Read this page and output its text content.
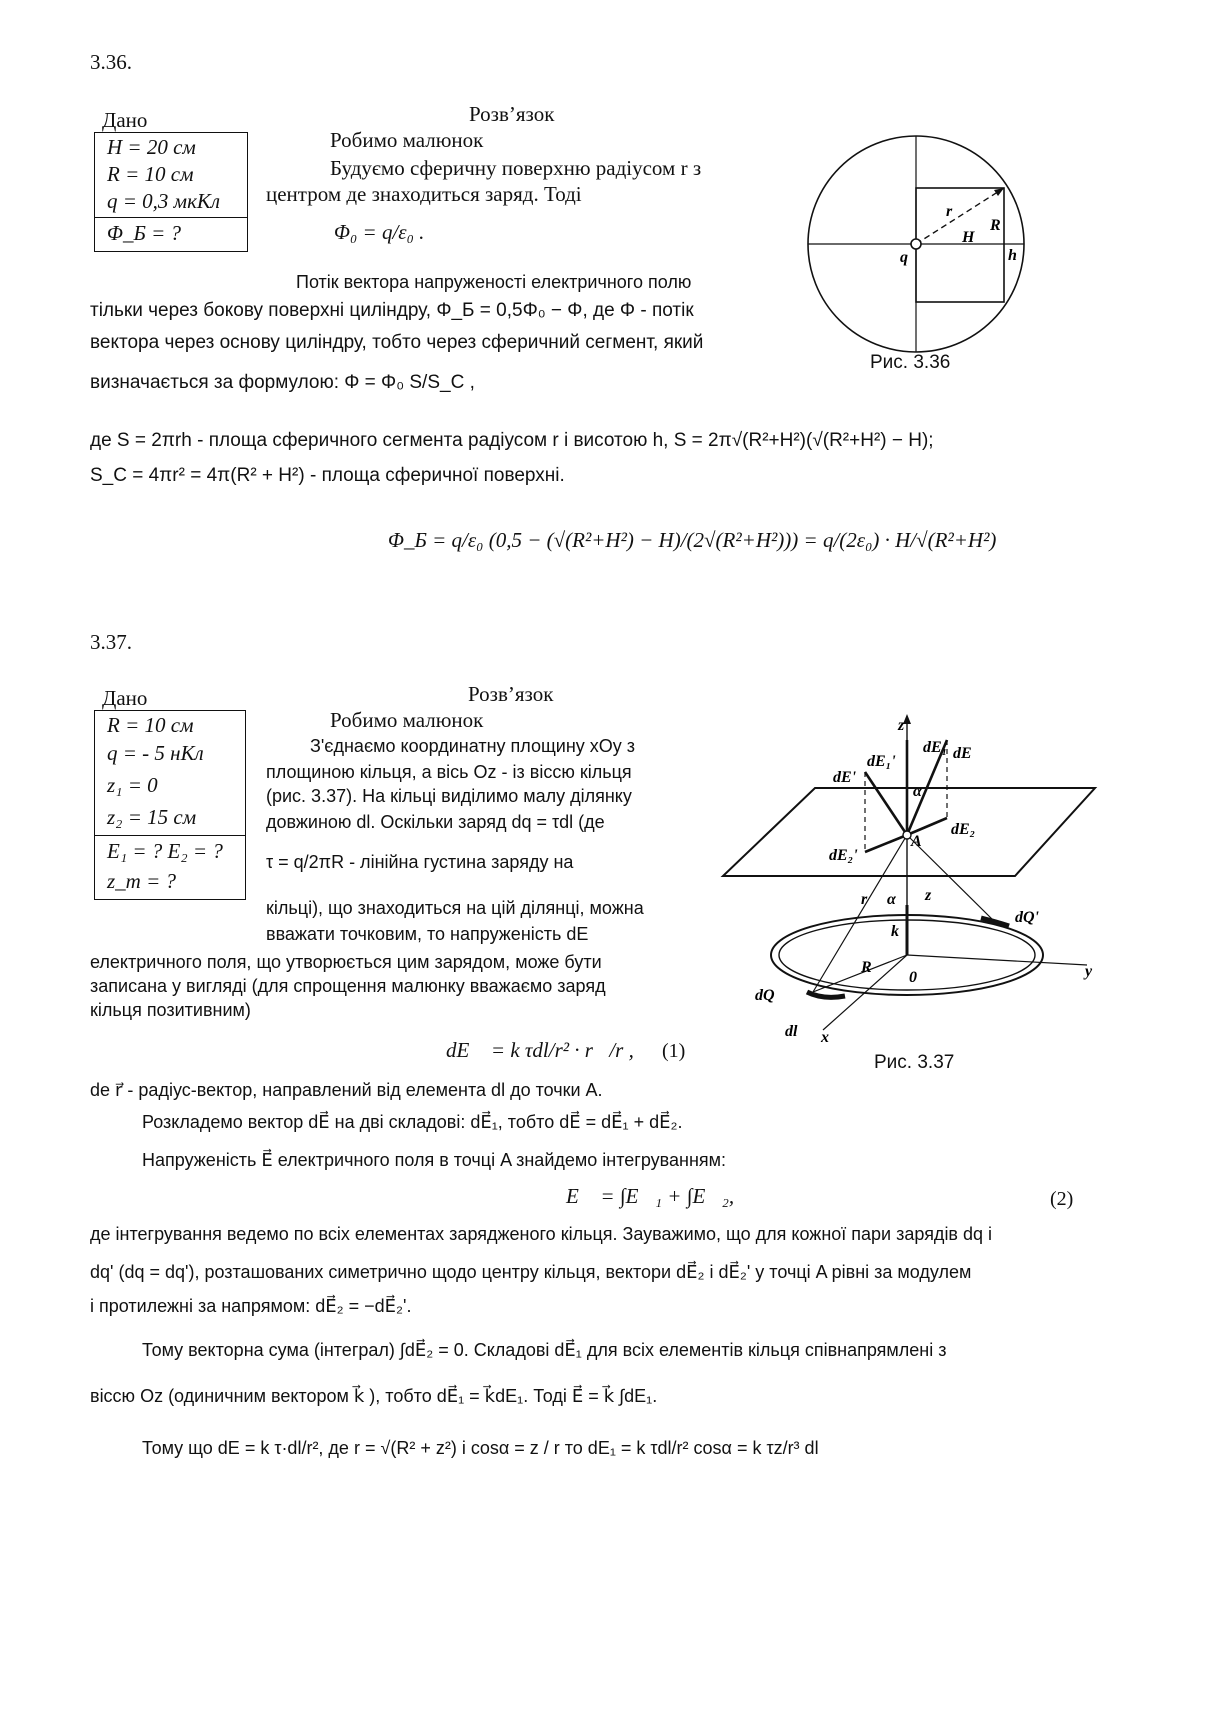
3.36.
Дано
H = 20 см
R = 10 см
q = 0,3 мкКл
Φ_Б = ?
Розв’язок
Робимо малюнок
Будуємо сферичну поверхню радіусом r з
центром де знаходиться заряд. Тоді
Φ₀ = q/ε₀ .
Потік вектора напруженості електричного полю
тільки через бокову поверхні циліндру, Φ_Б = 0,5Φ₀ − Φ, де Φ - потік
вектора через основу циліндру, тобто через сферичний сегмент, який
визначається за формулою: Φ = Φ₀ S/S_C ,
де S = 2πrh - площа сферичного сегмента радіусом r і висотою h, S = 2π√(R²+H²)(√(R²+H²) − H);
S_C = 4πr² = 4π(R² + H²) - площа сферичної поверхні.
Φ_Б = q/ε₀ (0,5 − (√(R²+H²) − H)/(2√(R²+H²))) = q/(2ε₀) · H/√(R²+H²)
r
R
H
q	h
Рис. 3.36
3.37.
Дано
R = 10 см
q = - 5 нКл
z₁ = 0
z₂ = 15 см
E₁ = ? E₂ = ?
z_m = ?
Розв’язок
Робимо малюнок
З'єднаємо координатну площину xOy з
площиною кільця, а вісь Oz - із віссю кільця
(рис. 3.37). На кільці виділимо малу ділянку
довжиною dl. Оскільки заряд dq = τdl (де
τ = q/2πR - лінійна густина заряду на
кільці), що знаходиться на цій ділянці, можна
вважати точковим, то напруженість dE
електричного поля, що утворюється цим зарядом, може бути
записана у вигляді (для спрощення малюнку вважаємо заряд
кільця позитивним)
dE⃗ = k τdl/r² · r⃗/r , (1)
de r⃗ - радіус-вектор, направлений від елемента dl до точки A.
Розкладемо вектор dE⃗ на дві складові: dE⃗₁, тобто dE⃗ = dE⃗₁ + dE⃗₂.
Напруженість E⃗ електричного поля в точці A знайдемо інтегруванням:
E⃗ = ∫E⃗₁ + ∫E⃗₂,	(2)
де інтегрування ведемо по всіх елементах зарядженого кільця. Зауважимо, що для кожної пари зарядів dq і
dq' (dq = dq'), розташованих симетрично щодо центру кільця, вектори dE⃗₂ і dE⃗₂' у точці A рівні за модулем
і протилежні за напрямом: dE⃗₂ = −dE⃗₂'.
Тому векторна сума (інтеграл) ∫dE⃗₂ = 0. Складові dE⃗₁ для всіх елементів кільця співнапрямлені з
віссю Oz (одиничним вектором k⃗ ), тобто dE⃗₁ = k⃗dE₁. Тоді E⃗ = k⃗ ∫dE₁.
Тому що dE = k τ·dl/r², де r = √(R² + z²) і cosα = z / r то dE₁ = k τdl/r² cosα = k τz/r³ dl
z
dE₁ dE
dE'
dE₁'
α
dE₂
dE₂'
A
r α z
k
dQ'
R
0	y
dQ
dl x
Рис. 3.37
